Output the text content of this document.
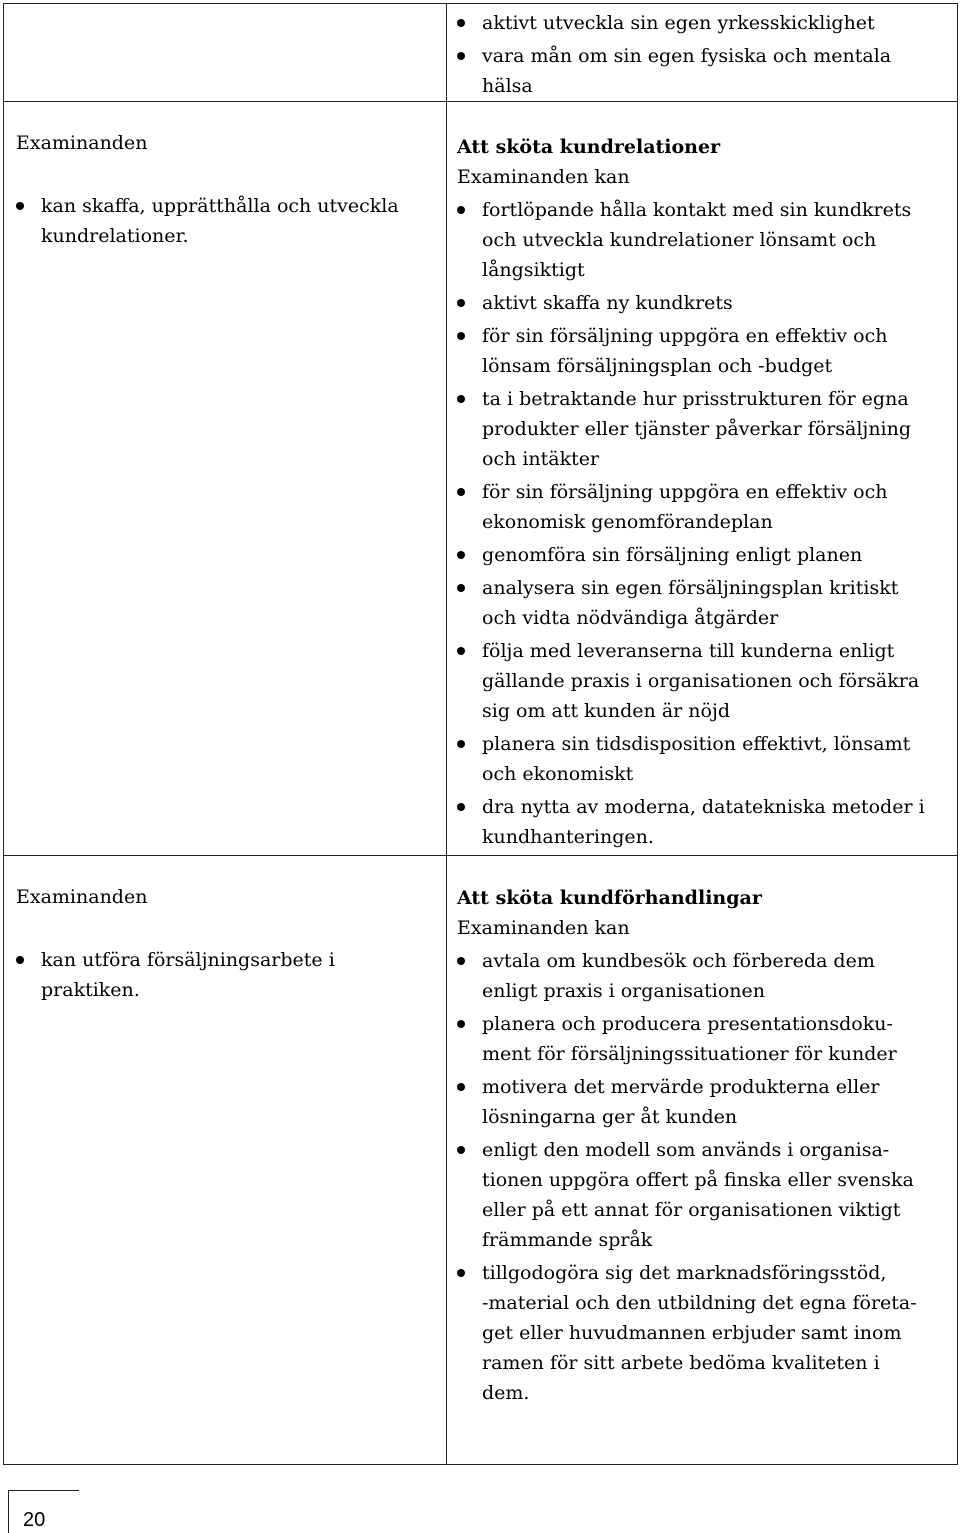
aktivt utveckla sin egen yrkesskicklighet
vara mån om sin egen fysiska och mentala
hälsa

Examinanden

kan skaffa, upprätthålla och utveckla
kundrelationer.

Att sköta kundrelationer

Examinanden kan

fortlöpande hålla kontakt med sin kundkrets
och utveckla kundrelationer lönsamt och
långsiktigt
aktivt skaffa ny kundkrets
för sin försäljning uppgöra en effektiv och
lönsam försäljningsplan och -budget
ta i betraktande hur prisstrukturen för egna
produkter eller tjänster påverkar försäljning
och intäkter
för sin försäljning uppgöra en effektiv och
ekonomisk genomförandeplan
genomföra sin försäljning enligt planen
analysera sin egen försäljningsplan kritiskt
och vidta nödvändiga åtgärder
följa med leveranserna till kunderna enligt
gällande praxis i organisationen och försäkra
sig om att kunden är nöjd
planera sin tidsdisposition effektivt, lönsamt
och ekonomiskt
dra nytta av moderna, datatekniska metoder i
kundhanteringen.

Examinanden

kan utföra försäljningsarbete i
praktiken.

Att sköta kundförhandlingar

Examinanden kan

avtala om kundbesök och förbereda dem
enligt praxis i organisationen
planera och producera presentationsdoku-
ment för försäljningssituationer för kunder
motivera det mervärde produkterna eller
lösningarna ger åt kunden
enligt den modell som används i organisa-
tionen uppgöra offert på finska eller svenska
eller på ett annat för organisationen viktigt
främmande språk
tillgodogöra sig det marknadsföringsstöd,
-material och den utbildning det egna företa-
get eller huvudmannen erbjuder samt inom
ramen för sitt arbete bedöma kvaliteten i
dem.
20
